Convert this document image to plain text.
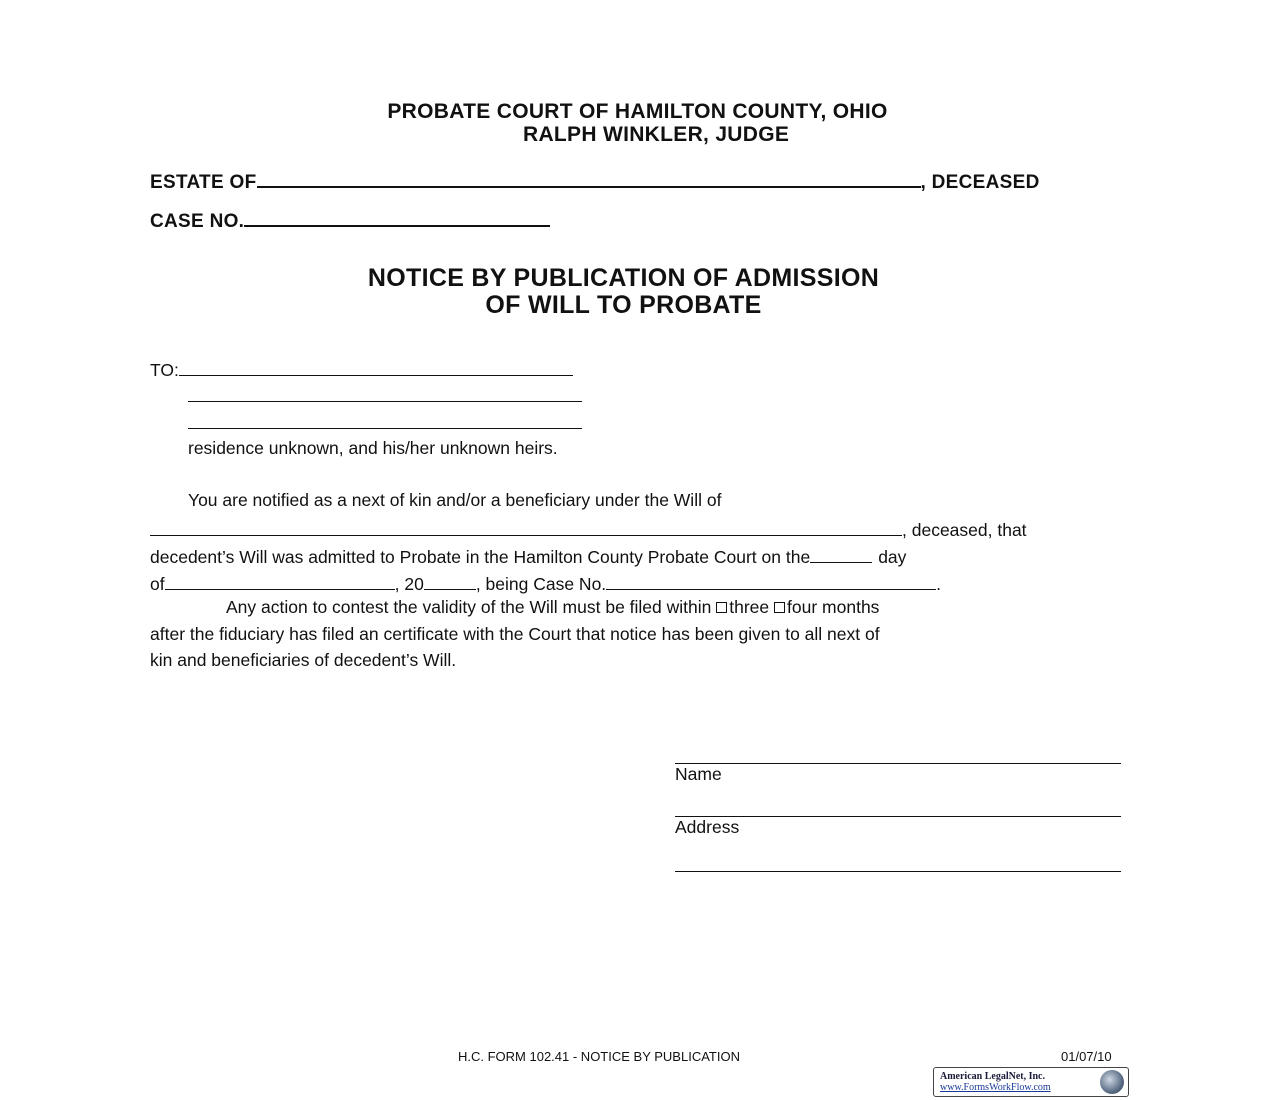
PROBATE COURT OF HAMILTON COUNTY, OHIO
RALPH WINKLER, JUDGE
ESTATE OF	, DECEASED
CASE NO.
NOTICE BY PUBLICATION OF ADMISSION
OF WILL TO PROBATE
TO:
residence unknown, and his/her unknown heirs.
You are notified as a next of kin and/or a beneficiary under the Will of
, deceased, that
decedent’s Will was admitted to Probate in the Hamilton County Probate Court on the	day
of	, 20	, being Case No.	.
Any action to contest the validity of the Will must be filed within three four months
after the fiduciary has filed an certificate with the Court that notice has been given to all next of
kin and beneficiaries of decedent’s Will.
Name
Address
H.C. FORM 102.41 - NOTICE BY PUBLICATION	01/07/10
American LegalNet, Inc.
www.FormsWorkFlow.com
